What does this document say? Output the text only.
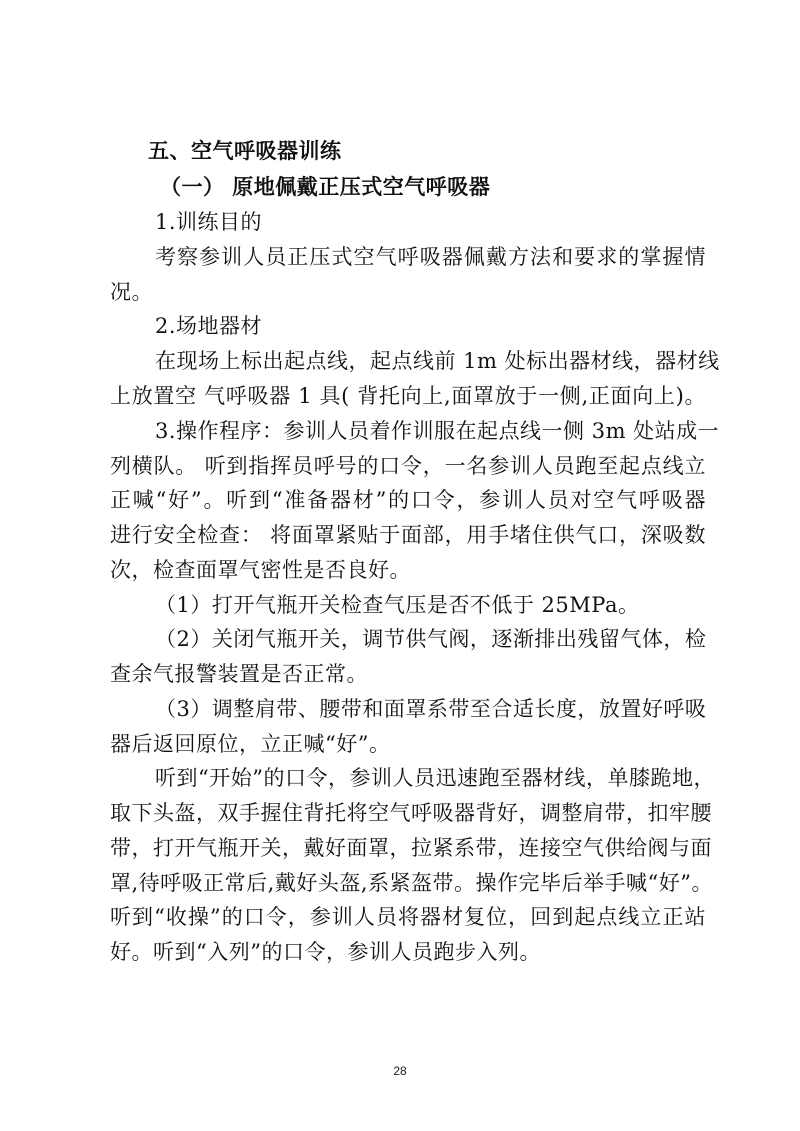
五、空气呼吸器训练
（一） 原地佩戴正压式空气呼吸器
1.训练目的
考察参训人员正压式空气呼吸器佩戴方法和要求的掌握情
况。
2.场地器材
在现场上标出起点线，起点线前 1m 处标出器材线，器材线
上放置空 气呼吸器 1 具( 背托向上,面罩放于一侧,正面向上)。
3.操作程序：参训人员着作训服在起点线一侧 3m 处站成一
列横队。 听到指挥员呼号的口令，一名参训人员跑至起点线立
正喊“好”。听到“准备器材”的口令，参训人员对空气呼吸器
进行安全检查： 将面罩紧贴于面部，用手堵住供气口，深吸数
次，检查面罩气密性是否良好。
（1）打开气瓶开关检查气压是否不低于 25MPa。
（2）关闭气瓶开关，调节供气阀，逐渐排出残留气体，检
查余气报警装置是否正常。
（3）调整肩带、腰带和面罩系带至合适长度，放置好呼吸
器后返回原位，立正喊“好”。
听到“开始”的口令，参训人员迅速跑至器材线，单膝跪地，
取下头盔，双手握住背托将空气呼吸器背好，调整肩带，扣牢腰
带，打开气瓶开关，戴好面罩，拉紧系带，连接空气供给阀与面
罩,待呼吸正常后,戴好头盔,系紧盔带。操作完毕后举手喊“好”。
听到“收操”的口令，参训人员将器材复位，回到起点线立正站
好。听到“入列”的口令，参训人员跑步入列。
28
